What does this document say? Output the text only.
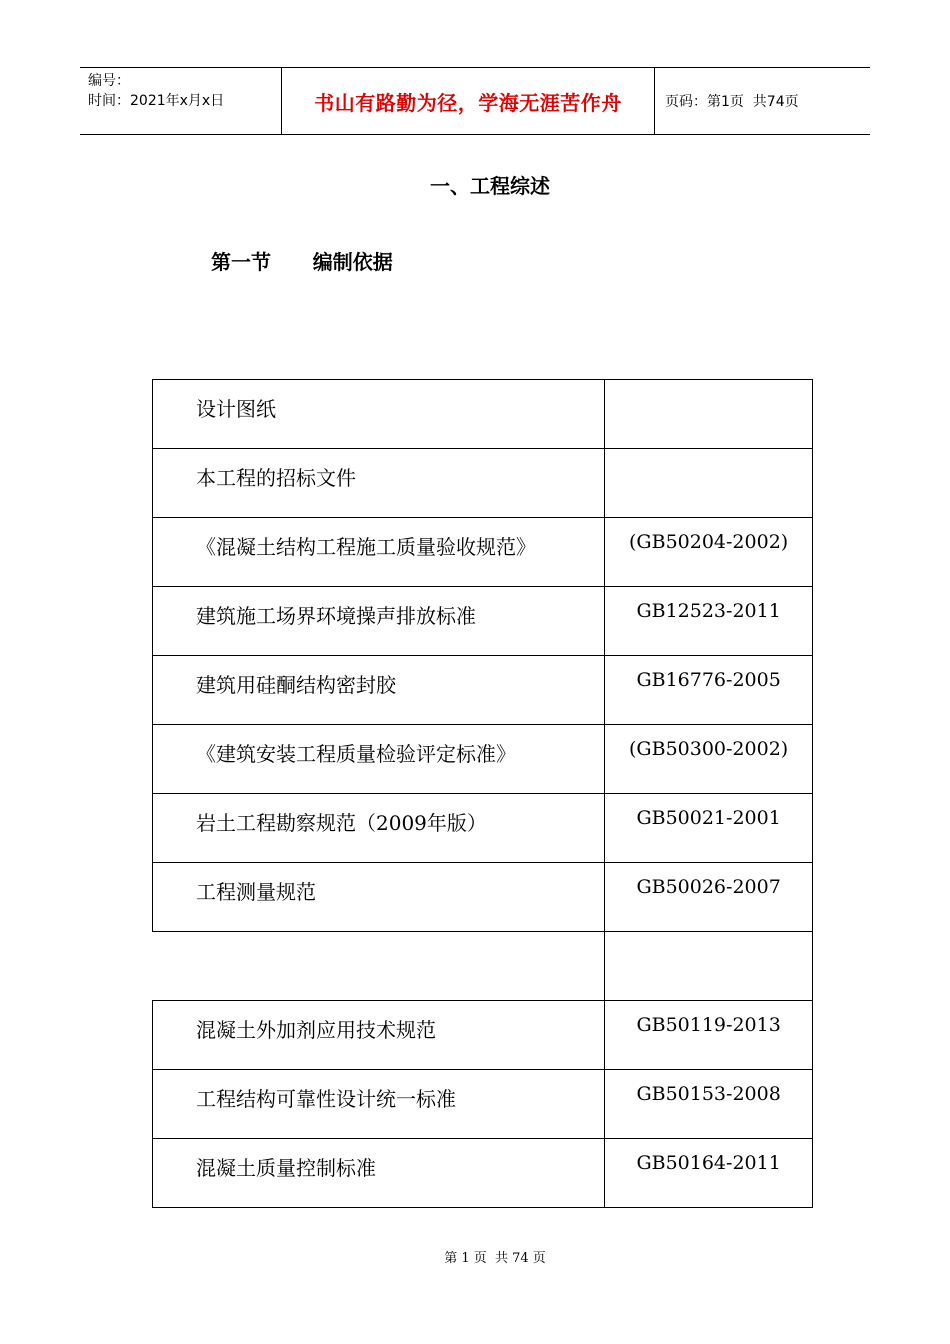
编号：
时间：2021年x月x日	书山有路勤为径，学海无涯苦作舟	页码：第1页  共74页
一、工程综述
第一节      编制依据
设计图纸	
本工程的招标文件	
《混凝土结构工程施工质量验收规范》	(GB50204-2002)
建筑施工场界环境操声排放标准	GB12523-2011
建筑用硅酮结构密封胶	GB16776-2005
《建筑安装工程质量检验评定标准》	(GB50300-2002)
岩土工程勘察规范（2009年版）	GB50021-2001
工程测量规范	GB50026-2007

混凝土外加剂应用技术规范	GB50119-2013
工程结构可靠性设计统一标准	GB50153-2008
混凝土质量控制标准	GB50164-2011
第 1 页  共 74 页
